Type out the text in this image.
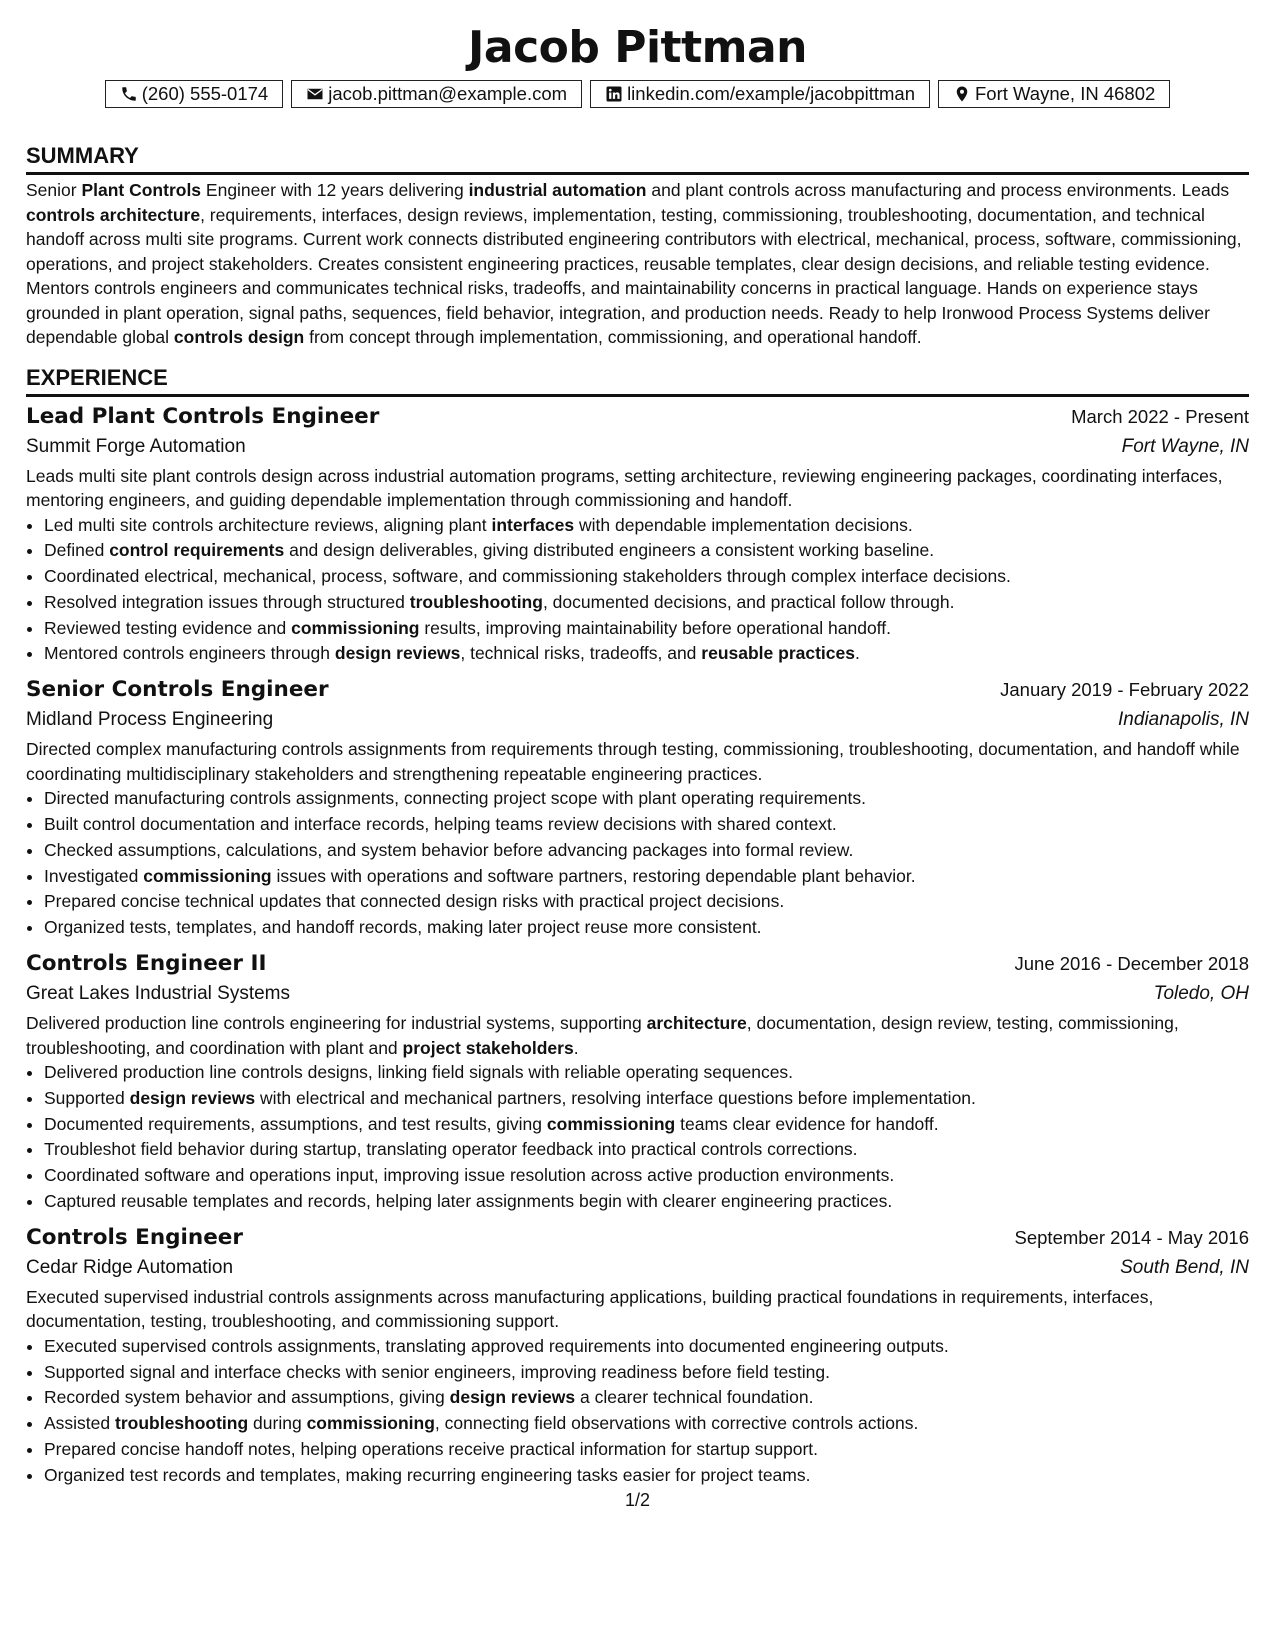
Jacob Pittman
(260) 555-0174	jacob.pittman@example.com	linkedin.com/example/jacobpittman	Fort Wayne, IN 46802
SUMMARY

Senior Plant Controls Engineer with 12 years delivering industrial automation and plant controls across manufacturing and process environments. Leads controls architecture, requirements, interfaces, design reviews, implementation, testing, commissioning, troubleshooting, documentation, and technical handoff across multi site programs. Current work connects distributed engineering contributors with electrical, mechanical, process, software, commissioning, operations, and project stakeholders. Creates consistent engineering practices, reusable templates, clear design decisions, and reliable testing evidence. Mentors controls engineers and communicates technical risks, tradeoffs, and maintainability concerns in practical language. Hands on experience stays grounded in plant operation, signal paths, sequences, field behavior, integration, and production needs. Ready to help Ironwood Process Systems deliver dependable global controls design from concept through implementation, commissioning, and operational handoff.

EXPERIENCE
Lead Plant Controls Engineer	March 2022 - Present
Summit Forge Automation	Fort Wayne, IN

Leads multi site plant controls design across industrial automation programs, setting architecture, reviewing engineering packages, coordinating interfaces, mentoring engineers, and guiding dependable implementation through commissioning and handoff.

• Led multi site controls architecture reviews, aligning plant interfaces with dependable implementation decisions.
• Defined control requirements and design deliverables, giving distributed engineers a consistent working baseline.
• Coordinated electrical, mechanical, process, software, and commissioning stakeholders through complex interface decisions.
• Resolved integration issues through structured troubleshooting, documented decisions, and practical follow through.
• Reviewed testing evidence and commissioning results, improving maintainability before operational handoff.
• Mentored controls engineers through design reviews, technical risks, tradeoffs, and reusable practices.
Senior Controls Engineer	January 2019 - February 2022
Midland Process Engineering	Indianapolis, IN

Directed complex manufacturing controls assignments from requirements through testing, commissioning, troubleshooting, documentation, and handoff while coordinating multidisciplinary stakeholders and strengthening repeatable engineering practices.

• Directed manufacturing controls assignments, connecting project scope with plant operating requirements.
• Built control documentation and interface records, helping teams review decisions with shared context.
• Checked assumptions, calculations, and system behavior before advancing packages into formal review.
• Investigated commissioning issues with operations and software partners, restoring dependable plant behavior.
• Prepared concise technical updates that connected design risks with practical project decisions.
• Organized tests, templates, and handoff records, making later project reuse more consistent.
Controls Engineer II	June 2016 - December 2018
Great Lakes Industrial Systems	Toledo, OH

Delivered production line controls engineering for industrial systems, supporting architecture, documentation, design review, testing, commissioning, troubleshooting, and coordination with plant and project stakeholders.

• Delivered production line controls designs, linking field signals with reliable operating sequences.
• Supported design reviews with electrical and mechanical partners, resolving interface questions before implementation.
• Documented requirements, assumptions, and test results, giving commissioning teams clear evidence for handoff.
• Troubleshot field behavior during startup, translating operator feedback into practical controls corrections.
• Coordinated software and operations input, improving issue resolution across active production environments.
• Captured reusable templates and records, helping later assignments begin with clearer engineering practices.
Controls Engineer	September 2014 - May 2016
Cedar Ridge Automation	South Bend, IN

Executed supervised industrial controls assignments across manufacturing applications, building practical foundations in requirements, interfaces, documentation, testing, troubleshooting, and commissioning support.

• Executed supervised controls assignments, translating approved requirements into documented engineering outputs.
• Supported signal and interface checks with senior engineers, improving readiness before field testing.
• Recorded system behavior and assumptions, giving design reviews a clearer technical foundation.
• Assisted troubleshooting during commissioning, connecting field observations with corrective controls actions.
• Prepared concise handoff notes, helping operations receive practical information for startup support.
• Organized test records and templates, making recurring engineering tasks easier for project teams.
1/2
